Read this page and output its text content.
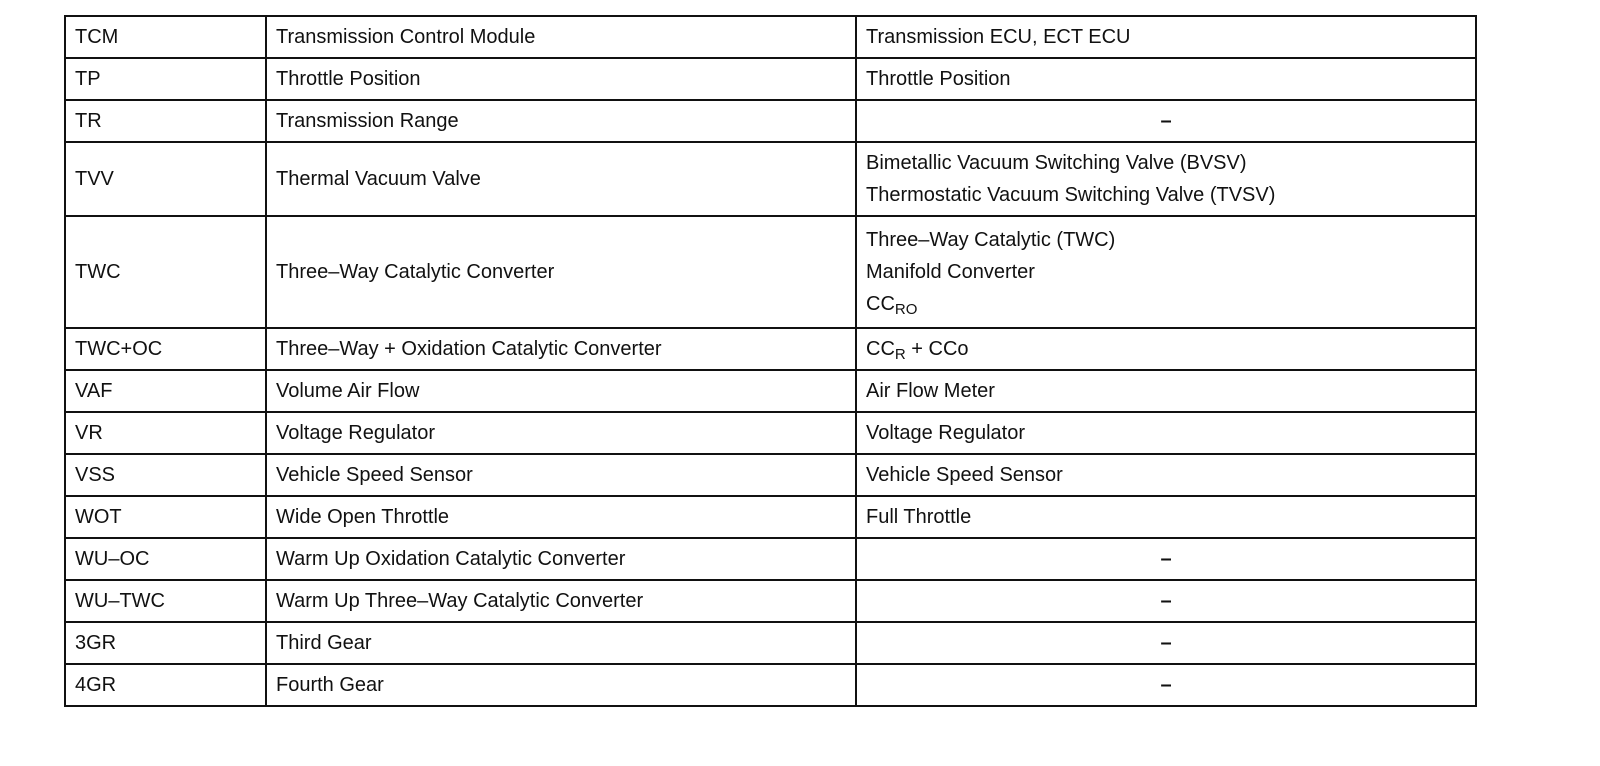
TCM	Transmission Control Module	Transmission ECU, ECT ECU
TP	Throttle Position	Throttle Position
TR	Transmission Range	–
TVV	Thermal Vacuum Valve	Bimetallic Vacuum Switching Valve (BVSV)
Thermostatic Vacuum Switching Valve (TVSV)

TWC	Three–Way Catalytic Converter	Three–Way Catalytic (TWC)
Manifold Converter
$CC_{RO}$

TWC+OC	Three–Way + Oxidation Catalytic Converter	$CC_R$ + CCo
VAF	Volume Air Flow	Air Flow Meter
VR	Voltage Regulator	Voltage Regulator
VSS	Vehicle Speed Sensor	Vehicle Speed Sensor
WOT	Wide Open Throttle	Full Throttle
WU–OC	Warm Up Oxidation Catalytic Converter	–
WU–TWC	Warm Up Three–Way Catalytic Converter	–
3GR	Third Gear	–
4GR	Fourth Gear	–
